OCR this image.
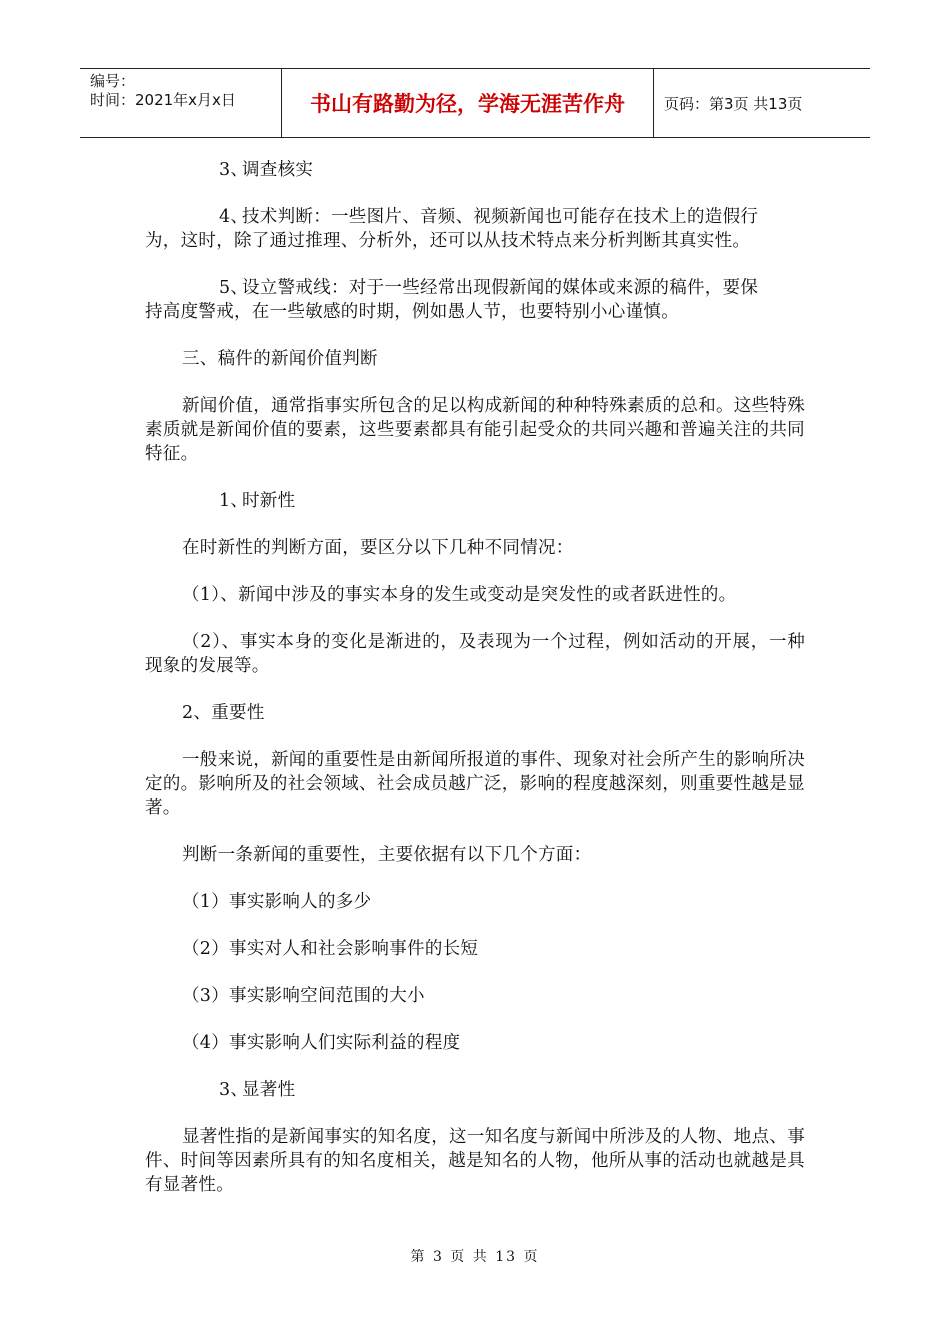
编号：
时间：2021年x月x日	书山有路勤为径，学海无涯苦作舟	页码：第3页 共13页

3、调查核实

4、技术判断：一些图片、音频、视频新闻也可能存在技术上的造假行
为，这时，除了通过推理、分析外，还可以从技术特点来分析判断其真实性。

5、设立警戒线：对于一些经常出现假新闻的媒体或来源的稿件，要保
持高度警戒，在一些敏感的时期，例如愚人节，也要特别小心谨慎。

三、稿件的新闻价值判断

新闻价值，通常指事实所包含的足以构成新闻的种种特殊素质的总和。这些特殊素质就是新闻价值的要素，这些要素都具有能引起受众的共同兴趣和普遍关注的共同特征。

1、时新性

在时新性的判断方面，要区分以下几种不同情况：

（1）、新闻中涉及的事实本身的发生或变动是突发性的或者跃进性的。

（2）、事实本身的变化是渐进的，及表现为一个过程，例如活动的开展，一种现象的发展等。

2、重要性

一般来说，新闻的重要性是由新闻所报道的事件、现象对社会所产生的影响所决定的。影响所及的社会领域、社会成员越广泛，影响的程度越深刻，则重要性越是显著。

判断一条新闻的重要性，主要依据有以下几个方面：

（1）事实影响人的多少

（2）事实对人和社会影响事件的长短

（3）事实影响空间范围的大小

（4）事实影响人们实际利益的程度

3、显著性

显著性指的是新闻事实的知名度，这一知名度与新闻中所涉及的人物、地点、事件、时间等因素所具有的知名度相关，越是知名的人物，他所从事的活动也就越是具有显著性。

第 3 页 共 13 页
